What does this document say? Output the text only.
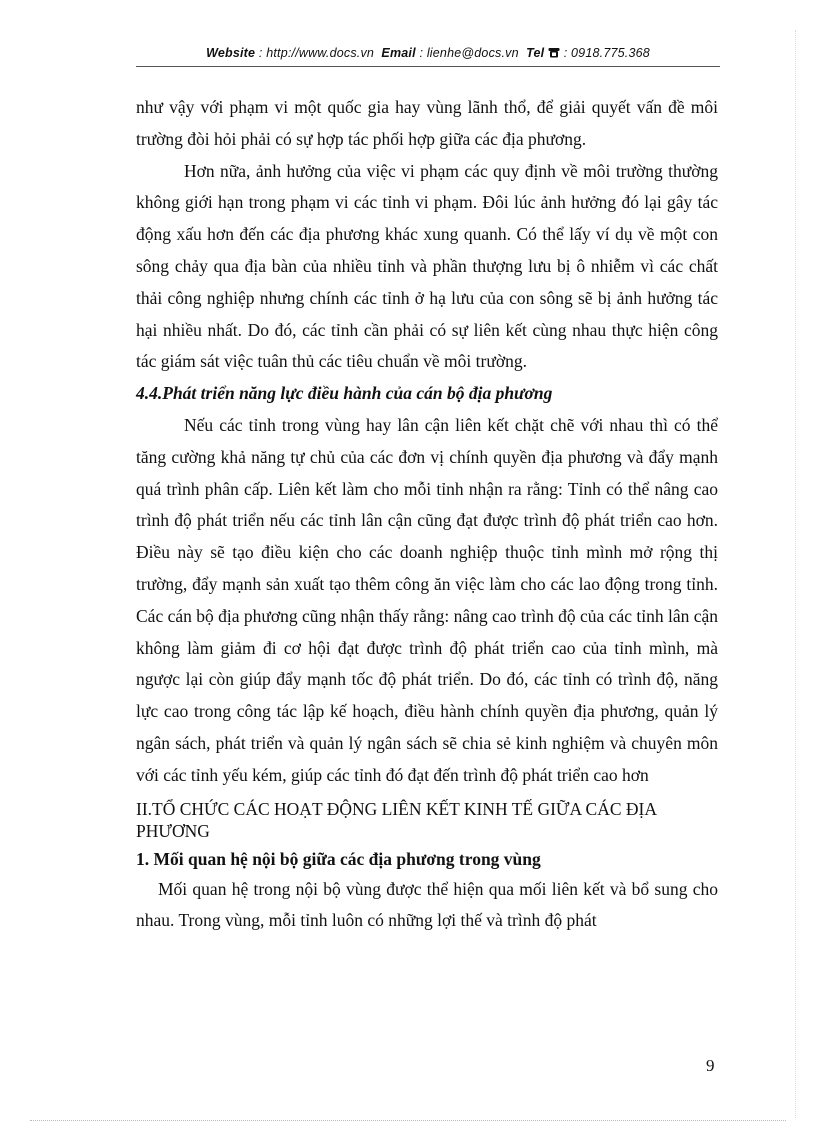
Website : http://www.docs.vn Email : lienhe@docs.vn Tel : 0918.775.368

như vậy với phạm vi một quốc gia hay vùng lãnh thổ, để giải quyết vấn đề môi trường đòi hỏi phải có sự hợp tác phối hợp giữa các địa phương.

Hơn nữa, ảnh hưởng của việc vi phạm các quy định về môi trường thường không giới hạn trong phạm vi các tỉnh vi phạm. Đôi lúc ảnh hưởng đó lại gây tác động xấu hơn đến các địa phương khác xung quanh. Có thể lấy ví dụ về một con sông chảy qua địa bàn của nhiều tỉnh và phần thượng lưu bị ô nhiễm vì các chất thải công nghiệp nhưng chính các tỉnh ở hạ lưu của con sông sẽ bị ảnh hưởng tác hại nhiều nhất. Do đó, các tỉnh cần phải có sự liên kết cùng nhau thực hiện công tác giám sát việc tuân thủ các tiêu chuẩn về môi trường.

4.4.Phát triển năng lực điều hành của cán bộ địa phương

Nếu các tỉnh trong vùng hay lân cận liên kết chặt chẽ với nhau thì có thể tăng cường khả năng tự chủ của các đơn vị chính quyền địa phương và đẩy mạnh quá trình phân cấp. Liên kết làm cho mỗi tỉnh nhận ra rằng: Tỉnh có thể nâng cao trình độ phát triển nếu các tỉnh lân cận cũng đạt được trình độ phát triển cao hơn. Điều này sẽ tạo điều kiện cho các doanh nghiệp thuộc tỉnh mình mở rộng thị trường, đẩy mạnh sản xuất tạo thêm công ăn việc làm cho các lao động trong tỉnh. Các cán bộ địa phương cũng nhận thấy rằng: nâng cao trình độ của các tỉnh lân cận không làm giảm đi cơ hội đạt được trình độ phát triển cao của tỉnh mình, mà ngược lại còn giúp đẩy mạnh tốc độ phát triển. Do đó, các tỉnh có trình độ, năng lực cao trong công tác lập kế hoạch, điều hành chính quyền địa phương, quản lý ngân sách, phát triển và quản lý ngân sách sẽ chia sẻ kinh nghiệm và chuyên môn với các tỉnh yếu kém, giúp các tỉnh đó đạt đến trình độ phát triển cao hơn

II.TỔ CHỨC CÁC HOẠT ĐỘNG LIÊN KẾT KINH TẾ GIỮA CÁC ĐỊA PHƯƠNG

1. Mối quan hệ nội bộ giữa các địa phương trong vùng

Mối quan hệ trong nội bộ vùng được thể hiện qua mối liên kết và bổ sung cho nhau. Trong vùng, mỗi tỉnh luôn có những lợi thế và trình độ phát

9
